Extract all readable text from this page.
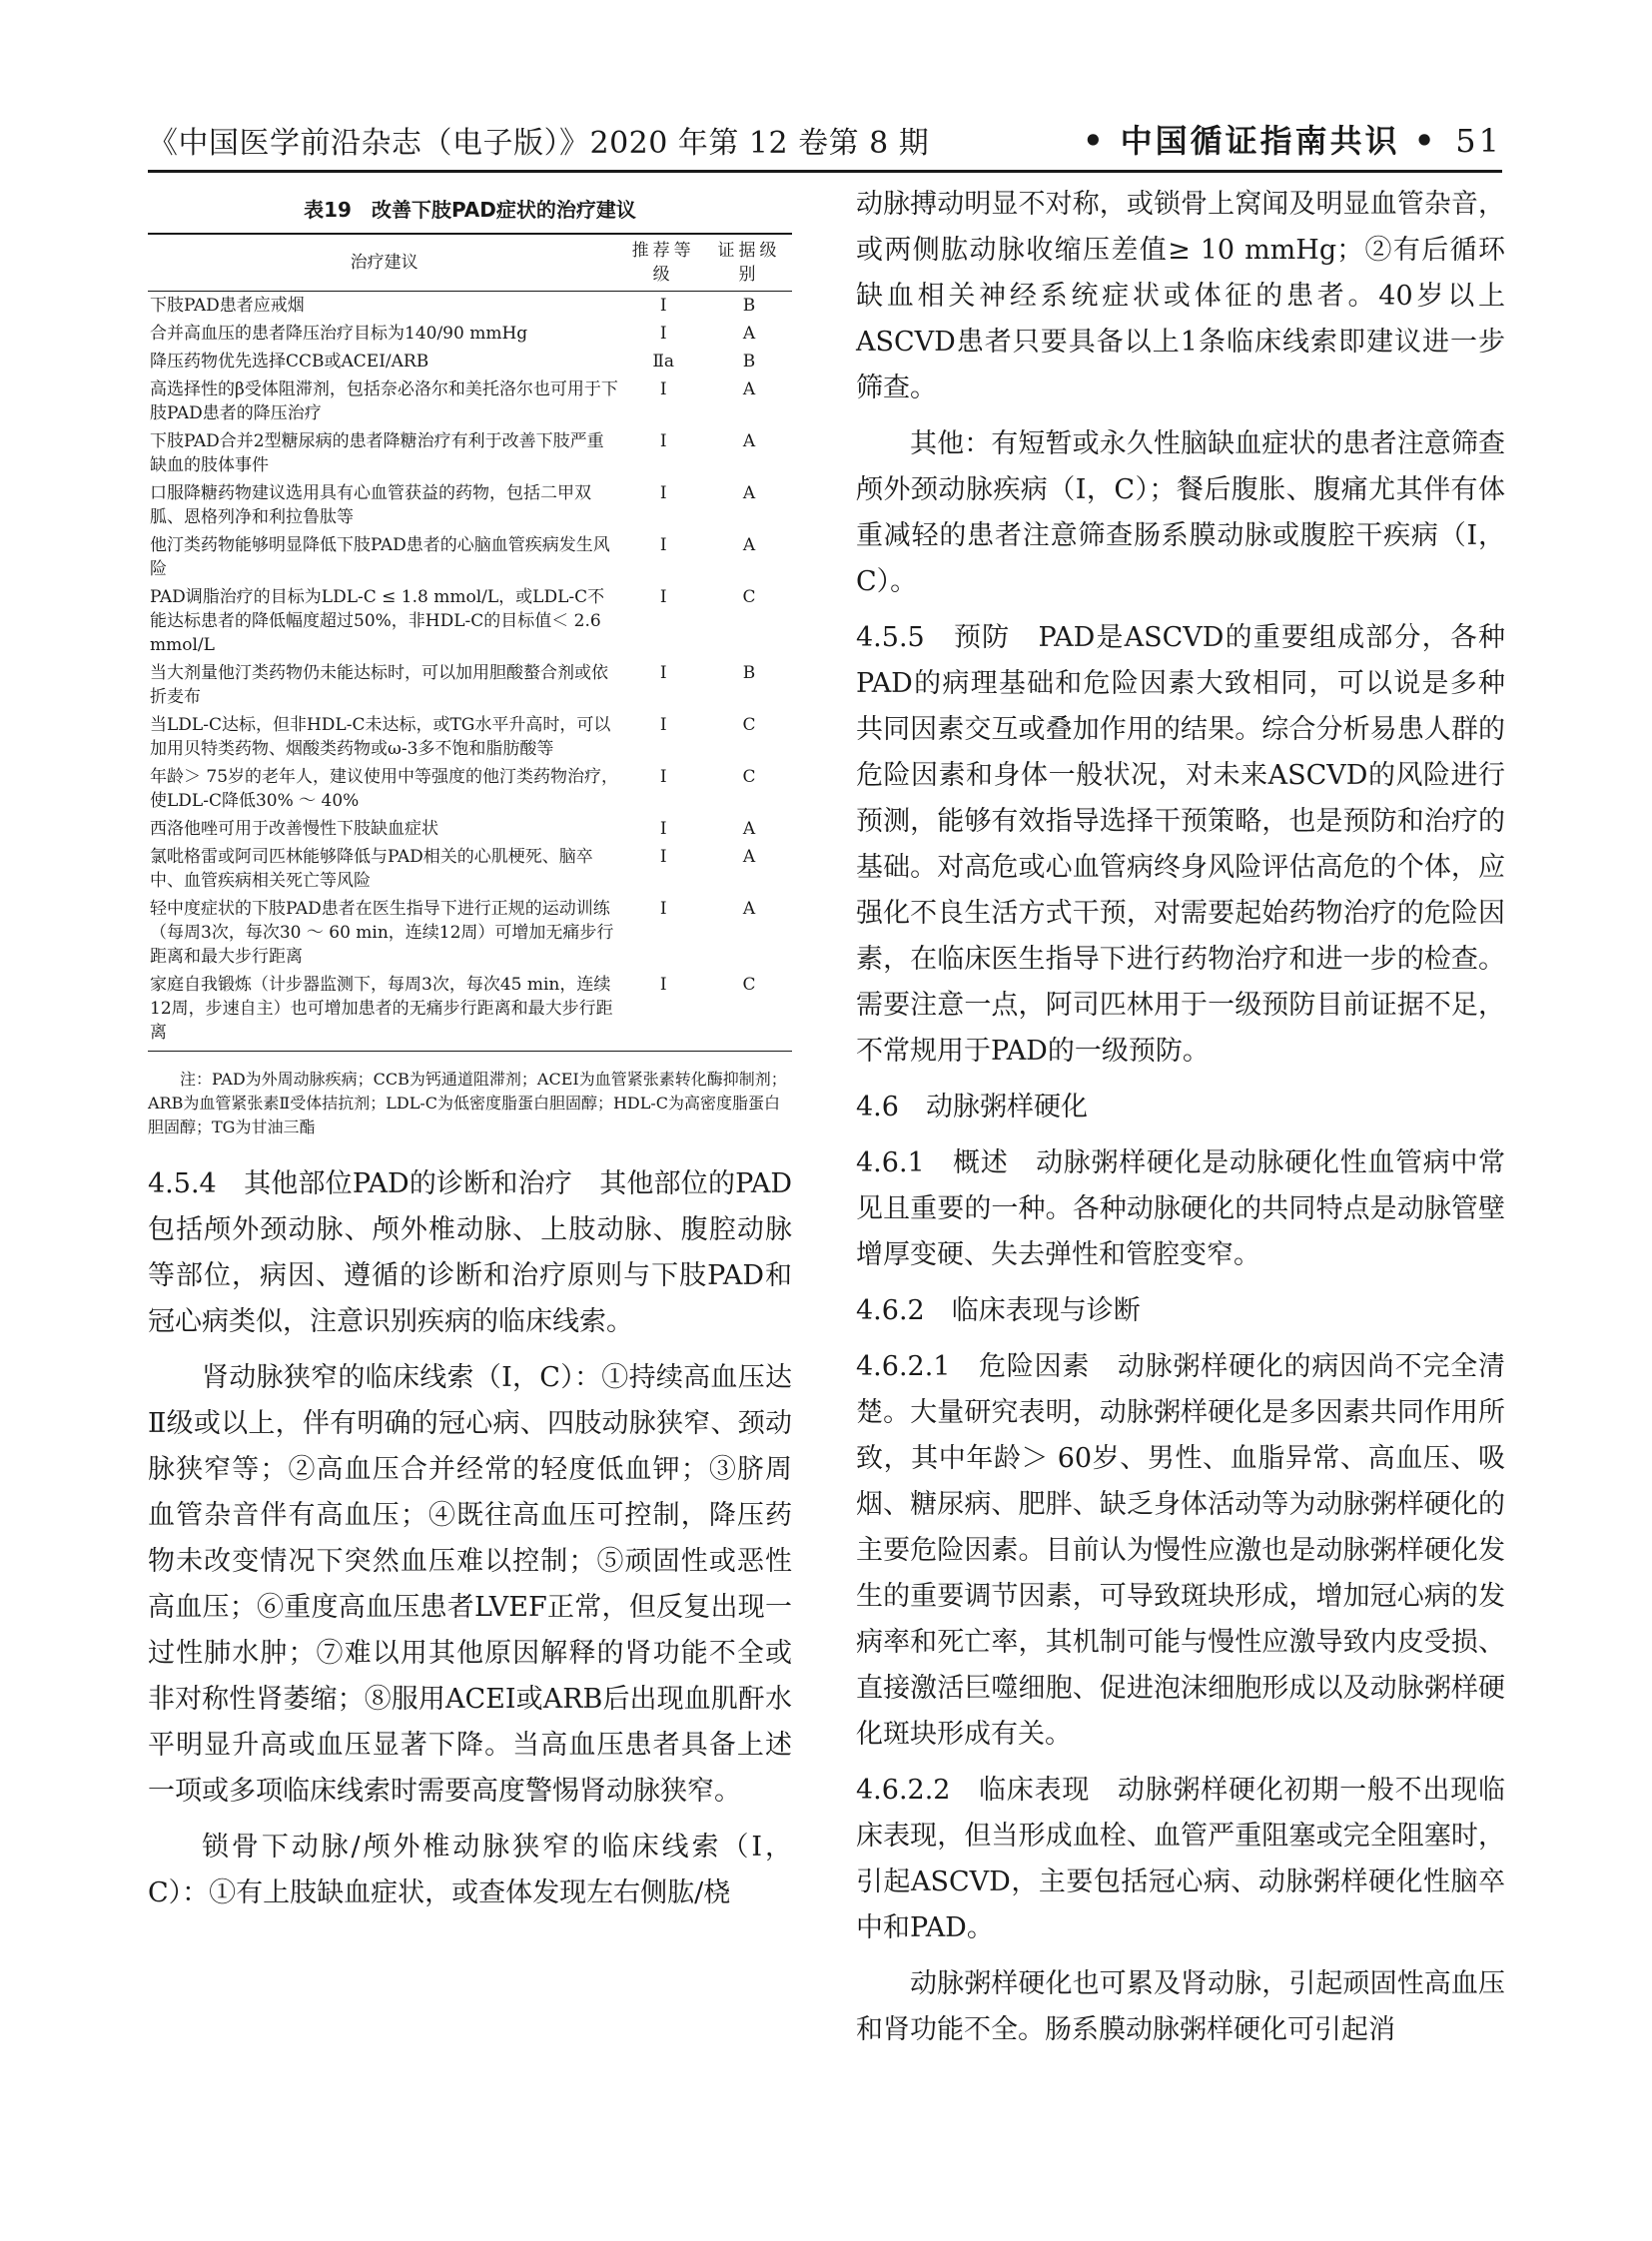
《中国医学前沿杂志（电子版）》2020 年第 12 卷第 8 期	• 中国循证指南共识 • 51
表19　改善下肢PAD症状的治疗建议
治疗建议	推荐等级	证据级别
下肢PAD患者应戒烟	Ⅰ	B
合并高血压的患者降压治疗目标为140/90 mmHg	Ⅰ	A
降压药物优先选择CCB或ACEI/ARB	Ⅱa	B
高选择性的β受体阻滞剂，包括奈必洛尔和美托洛尔也可用于下肢PAD患者的降压治疗	Ⅰ	A
下肢PAD合并2型糖尿病的患者降糖治疗有利于改善下肢严重缺血的肢体事件	Ⅰ	A
口服降糖药物建议选用具有心血管获益的药物，包括二甲双胍、恩格列净和利拉鲁肽等	Ⅰ	A
他汀类药物能够明显降低下肢PAD患者的心脑血管疾病发生风险	Ⅰ	A
PAD调脂治疗的目标为LDL-C ≤ 1.8 mmol/L，或LDL-C不能达标患者的降低幅度超过50%，非HDL-C的目标值＜ 2.6 mmol/L	Ⅰ	C
当大剂量他汀类药物仍未能达标时，可以加用胆酸螯合剂或依折麦布	Ⅰ	B
当LDL-C达标，但非HDL-C未达标，或TG水平升高时，可以加用贝特类药物、烟酸类药物或ω-3多不饱和脂肪酸等	Ⅰ	C
年龄＞ 75岁的老年人，建议使用中等强度的他汀类药物治疗，使LDL-C降低30% ～ 40%	Ⅰ	C
西洛他唑可用于改善慢性下肢缺血症状	Ⅰ	A
氯吡格雷或阿司匹林能够降低与PAD相关的心肌梗死、脑卒中、血管疾病相关死亡等风险	Ⅰ	A
轻中度症状的下肢PAD患者在医生指导下进行正规的运动训练（每周3次，每次30 ～ 60 min，连续12周）可增加无痛步行距离和最大步行距离	Ⅰ	A
家庭自我锻炼（计步器监测下，每周3次，每次45 min，连续12周，步速自主）也可增加患者的无痛步行距离和最大步行距离	Ⅰ	C
注：PAD为外周动脉疾病；CCB为钙通道阻滞剂；ACEI为血管紧张素转化酶抑制剂；ARB为血管紧张素Ⅱ受体拮抗剂；LDL-C为低密度脂蛋白胆固醇；HDL-C为高密度脂蛋白胆固醇；TG为甘油三酯

4.5.4　其他部位PAD的诊断和治疗　其他部位的PAD包括颅外颈动脉、颅外椎动脉、上肢动脉、腹腔动脉等部位，病因、遵循的诊断和治疗原则与下肢PAD和冠心病类似，注意识别疾病的临床线索。

肾动脉狭窄的临床线索（Ⅰ，C）：①持续高血压达Ⅱ级或以上，伴有明确的冠心病、四肢动脉狭窄、颈动脉狭窄等；②高血压合并经常的轻度低血钾；③脐周血管杂音伴有高血压；④既往高血压可控制，降压药物未改变情况下突然血压难以控制；⑤顽固性或恶性高血压；⑥重度高血压患者LVEF正常，但反复出现一过性肺水肿；⑦难以用其他原因解释的肾功能不全或非对称性肾萎缩；⑧服用ACEI或ARB后出现血肌酐水平明显升高或血压显著下降。当高血压患者具备上述一项或多项临床线索时需要高度警惕肾动脉狭窄。

锁骨下动脉/颅外椎动脉狭窄的临床线索（Ⅰ，C）：①有上肢缺血症状，或查体发现左右侧肱/桡

动脉搏动明显不对称，或锁骨上窝闻及明显血管杂音，或两侧肱动脉收缩压差值≥ 10 mmHg；②有后循环缺血相关神经系统症状或体征的患者。40岁以上ASCVD患者只要具备以上1条临床线索即建议进一步筛查。

其他：有短暂或永久性脑缺血症状的患者注意筛查颅外颈动脉疾病（Ⅰ，C）；餐后腹胀、腹痛尤其伴有体重减轻的患者注意筛查肠系膜动脉或腹腔干疾病（Ⅰ，C）。

4.5.5　预防　PAD是ASCVD的重要组成部分，各种PAD的病理基础和危险因素大致相同，可以说是多种共同因素交互或叠加作用的结果。综合分析易患人群的危险因素和身体一般状况，对未来ASCVD的风险进行预测，能够有效指导选择干预策略，也是预防和治疗的基础。对高危或心血管病终身风险评估高危的个体，应强化不良生活方式干预，对需要起始药物治疗的危险因素，在临床医生指导下进行药物治疗和进一步的检查。需要注意一点，阿司匹林用于一级预防目前证据不足，不常规用于PAD的一级预防。

4.6　动脉粥样硬化

4.6.1　概述　动脉粥样硬化是动脉硬化性血管病中常见且重要的一种。各种动脉硬化的共同特点是动脉管壁增厚变硬、失去弹性和管腔变窄。

4.6.2　临床表现与诊断

4.6.2.1　危险因素　动脉粥样硬化的病因尚不完全清楚。大量研究表明，动脉粥样硬化是多因素共同作用所致，其中年龄＞ 60岁、男性、血脂异常、高血压、吸烟、糖尿病、肥胖、缺乏身体活动等为动脉粥样硬化的主要危险因素。目前认为慢性应激也是动脉粥样硬化发生的重要调节因素，可导致斑块形成，增加冠心病的发病率和死亡率，其机制可能与慢性应激导致内皮受损、直接激活巨噬细胞、促进泡沫细胞形成以及动脉粥样硬化斑块形成有关。

4.6.2.2　临床表现　动脉粥样硬化初期一般不出现临床表现，但当形成血栓、血管严重阻塞或完全阻塞时，引起ASCVD，主要包括冠心病、动脉粥样硬化性脑卒中和PAD。

动脉粥样硬化也可累及肾动脉，引起顽固性高血压和肾功能不全。肠系膜动脉粥样硬化可引起消
